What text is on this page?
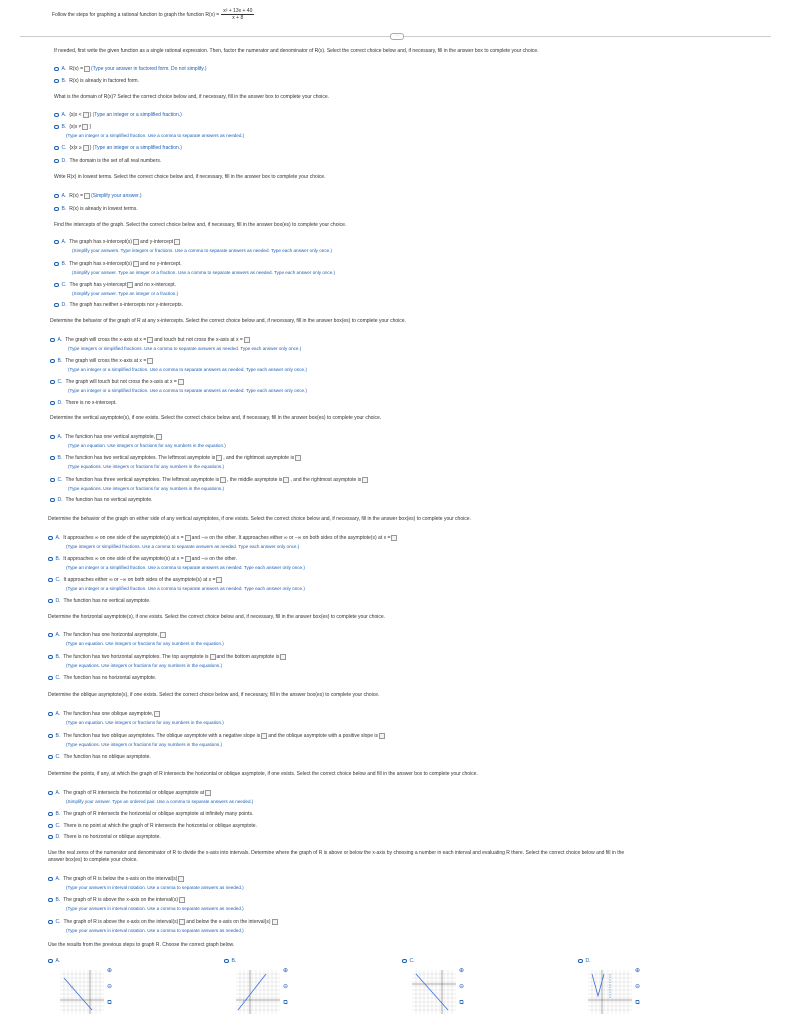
Follow the steps for graphing a rational function to graph the function $R(x) = \frac{\text{x² + 13x + 40}}{x + 8}$
···
If needed, first write the given function as a single rational expression. Then, factor the numerator and denominator of R(x). Select the correct choice below and, if necessary, fill in the answer box to complete your choice.
A. R(x) = (Type your answer in factored form. Do not simplify.)
B. R(x) is already in factored form.
What is the domain of R(x)? Select the correct choice below and, if necessary, fill in the answer box to complete your choice.
A. {x|x < } (Type an integer or a simplified fraction.)
B. {x|x ≠ }
(Type an integer or a simplified fraction. Use a comma to separate answers as needed.)
C. {x|x ≥ } (Type an integer or a simplified fraction.)
D. The domain is the set of all real numbers.
Write R(x) in lowest terms. Select the correct choice below and, if necessary, fill in the answer box to complete your choice.
A. R(x) = (Simplify your answer.)
B. R(x) is already in lowest terms.
Find the intercepts of the graph. Select the correct choice below and, if necessary, fill in the answer box(es) to complete your choice.
A. The graph has x-intercept(s) and y-intercept
(Simplify your answers. Type integers or fractions. Use a comma to separate answers as needed. Type each answer only once.)
B. The graph has x-intercept(s) and no y-intercept.
(Simplify your answer. Type an integer or a fraction. Use a comma to separate answers as needed. Type each answer only once.)
C. The graph has y-intercept and no x-intercept.
(Simplify your answer. Type an integer or a fraction.)
D. The graph has neither x-intercepts nor y-intercepts.
Determine the behavior of the graph of R at any x-intercepts. Select the correct choice below and, if necessary, fill in the answer box(es) to complete your choice.
A. The graph will cross the x-axis at x = and touch but not cross the x-axis at x =
(Type integers or simplified fractions. Use a comma to separate answers as needed. Type each answer only once.)
B. The graph will cross the x-axis at x =
(Type an integer or a simplified fraction. Use a comma to separate answers as needed. Type each answer only once.)
C. The graph will touch but not cross the x-axis at x =
(Type an integer or a simplified fraction. Use a comma to separate answers as needed. Type each answer only once.)
D. There is no x-intercept.
Determine the vertical asymptote(s), if one exists. Select the correct choice below and, if necessary, fill in the answer box(es) to complete your choice.
A. The function has one vertical asymptote,
(Type an equation. Use integers or fractions for any numbers in the equation.)
B. The function has two vertical asymptotes. The leftmost asymptote is , and the rightmost asymptote is
(Type equations. Use integers or fractions for any numbers in the equations.)
C. The function has three vertical asymptotes. The leftmost asymptote is , the middle asymptote is , and the rightmost asymptote is
(Type equations. Use integers or fractions for any numbers in the equations.)
D. The function has no vertical asymptote.
Determine the behavior of the graph on either side of any vertical asymptotes, if one exists. Select the correct choice below and, if necessary, fill in the answer box(es) to complete your choice.
A. It approaches ∞ on one side of the asymptote(s) at x = and −∞ on the other. It approaches either ∞ or −∞ on both sides of the asymptote(s) at x =
(Type integers or simplified fractions. Use a comma to separate answers as needed. Type each answer only once.)
B. It approaches ∞ on one side of the asymptote(s) at x = and −∞ on the other.
(Type an integer or a simplified fraction. Use a comma to separate answers as needed. Type each answer only once.)
C. It approaches either ∞ or −∞ on both sides of the asymptote(s) at x =
(Type an integer or a simplified fraction. Use a comma to separate answers as needed. Type each answer only once.)
D. The function has no vertical asymptote.
Determine the horizontal asymptote(s), if one exists. Select the correct choice below and, if necessary, fill in the answer box(es) to complete your choice.
A. The function has one horizontal asymptote,
(Type an equation. Use integers or fractions for any numbers in the equation.)
B. The function has two horizontal asymptotes. The top asymptote is and the bottom asymptote is
(Type equations. Use integers or fractions for any numbers in the equations.)
C. The function has no horizontal asymptote.
Determine the oblique asymptote(s), if one exists. Select the correct choice below and, if necessary, fill in the answer box(es) to complete your choice.
A. The function has one oblique asymptote,
(Type an equation. Use integers or fractions for any numbers in the equation.)
B. The function has two oblique asymptotes. The oblique asymptote with a negative slope is and the oblique asymptote with a positive slope is
(Type equations. Use integers or fractions for any numbers in the equations.)
C. The function has no oblique asymptote.
Determine the points, if any, at which the graph of R intersects the horizontal or oblique asymptote, if one exists. Select the correct choice below and fill in the answer box to complete your choice.
A. The graph of R intersects the horizontal or oblique asymptote at
(Simplify your answer. Type an ordered pair. Use a comma to separate answers as needed.)
B. The graph of R intersects the horizontal or oblique asymptote at infinitely many points.
C. There is no point at which the graph of R intersects the horizontal or oblique asymptote.
D. There is no horizontal or oblique asymptote.
Use the real zeros of the numerator and denominator of R to divide the x-axis into intervals. Determine where the graph of R is above or below the x-axis by choosing a number in each interval and evaluating R there. Select the correct choice below and fill in the
answer box(es) to complete your choice.
A. The graph of R is below the x-axis on the interval(s)
(Type your answers in interval notation. Use a comma to separate answers as needed.)
B. The graph of R is above the x-axis on the interval(s)
(Type your answers in interval notation. Use a comma to separate answers as needed.)
C. The graph of R is above the x-axis on the interval(s) and below the x-axis on the interval(s)
(Type your answers in interval notation. Use a comma to separate answers as needed.)
Use the results from the previous steps to graph R. Choose the correct graph below.
A.	B.	C.	D.
⊕
⊖
⧉
⊕
⊖
⧉
⊕
⊖
⧉
⊕
⊖
⧉
